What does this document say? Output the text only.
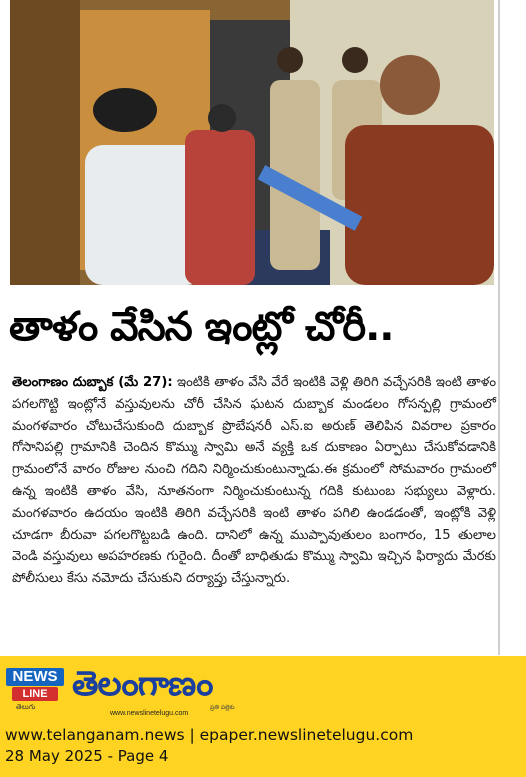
తాళం వేసిన ఇంట్లో చోరీ..
తెలంగాణం దుబ్బాక (మే 27): ఇంటికి తాళం వేసి వేరే ఇంటికి వెళ్లి తిరిగి వచ్చేసరికి ఇంటి తాళం పగలగొట్టి ఇంట్లోనే వస్తువులను చోరీ చేసిన ఘటన దుబ్బాక మండలం గోసన్పల్లి గ్రామంలో మంగళవారం చోటుచేసుకుంది దుబ్బాక ప్రొబేషనరీ ఎస్.ఐ అరుణ్ తెలిపిన వివరాల ప్రకారం గోసానిపల్లి గ్రామానికి చెందిన కొమ్ము స్వామి అనే వ్యక్తి ఒక దుకాణం ఏర్పాటు చేసుకోవడానికి గ్రామంలోనే వారం రోజుల నుంచి గదిని నిర్మించుకుంటున్నాడు.ఈ క్రమంలో సోమవారం గ్రామంలో ఉన్న ఇంటికి తాళం వేసి, నూతనంగా నిర్మించుకుంటున్న గదికి కుటుంబ సభ్యులు వెళ్లారు. మంగళవారం ఉదయం ఇంటికి తిరిగి వచ్చేసరికి ఇంటి తాళం పగిలి ఉండడంతో, ఇంట్లోకి వెళ్లి చూడగా బీరువా పగలగొట్టబడి ఉంది. దానిలో ఉన్న ముప్పావుతులం బంగారం, 15 తులాల వెండి వస్తువులు అపహరణకు గురైంది. దీంతో బాధితుడు కొమ్ము స్వామి ఇచ్చిన ఫిర్యాదు మేరకు పోలీసులు కేసు నమోదు చేసుకుని దర్యాప్తు చేస్తున్నారు.
NEWS
LINE
తెలుగు
తెలంగాణం
ప్రతి పల్లెకు
www.newslinetelugu.com
www.telanganam.news | epaper.newslinetelugu.com
28 May 2025 - Page 4
